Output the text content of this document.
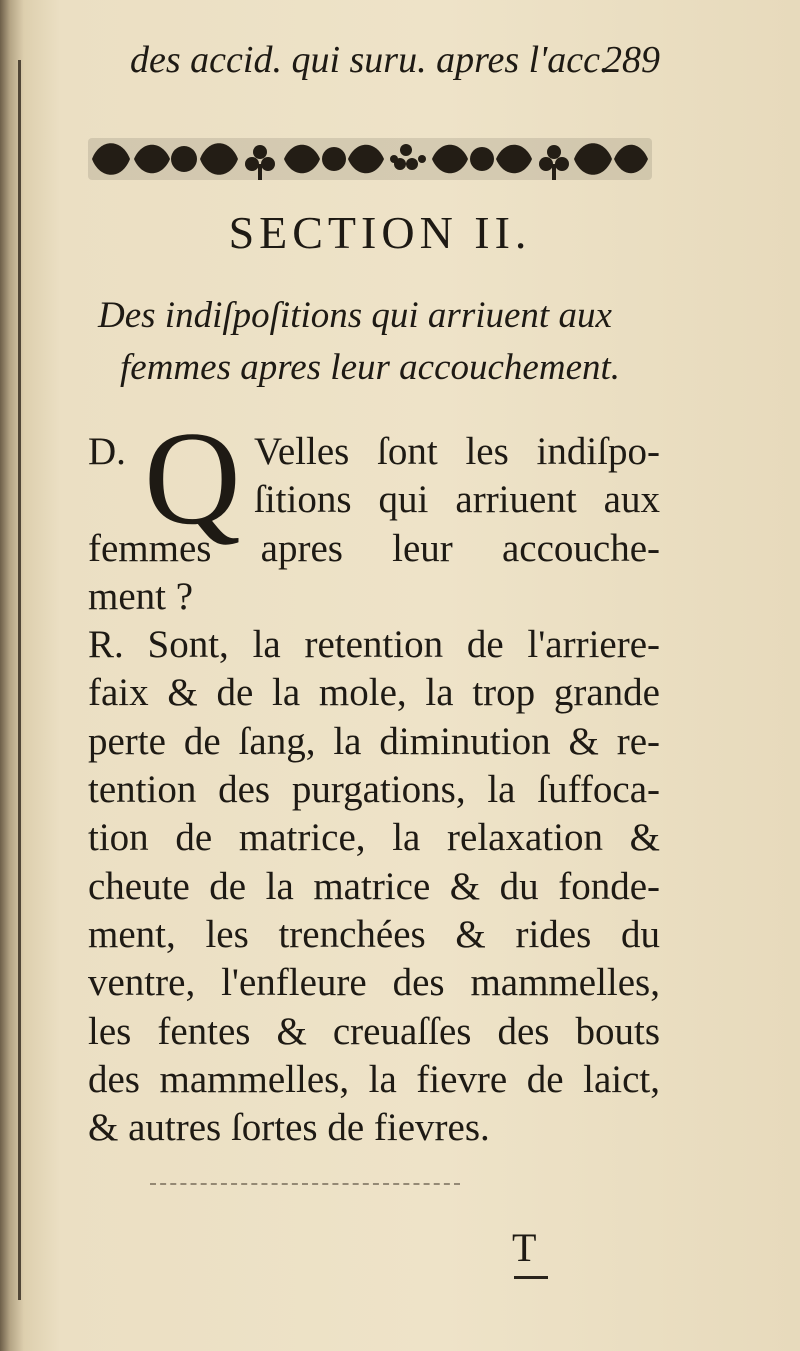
des accid. qui suru. apres l'acc.
289
SECTION II.
Des indiſpoſitions qui arriuent aux
femmes apres leur accouchement.
D. Q Velles ſont les indiſpo-
ſitions qui arriuent aux
femmes apres leur accouche-
ment ?
R. Sont, la retention de l'arriere-
faix & de la mole, la trop grande
perte de ſang, la diminution & re-
tention des purgations, la ſuffoca-
tion de matrice, la relaxation &
cheute de la matrice & du fonde-
ment, les trenchées & rides du
ventre, l'enfleure des mammelles,
les fentes & creuaſſes des bouts
des mammelles, la fievre de laict,
& autres ſortes de fievres.
T
